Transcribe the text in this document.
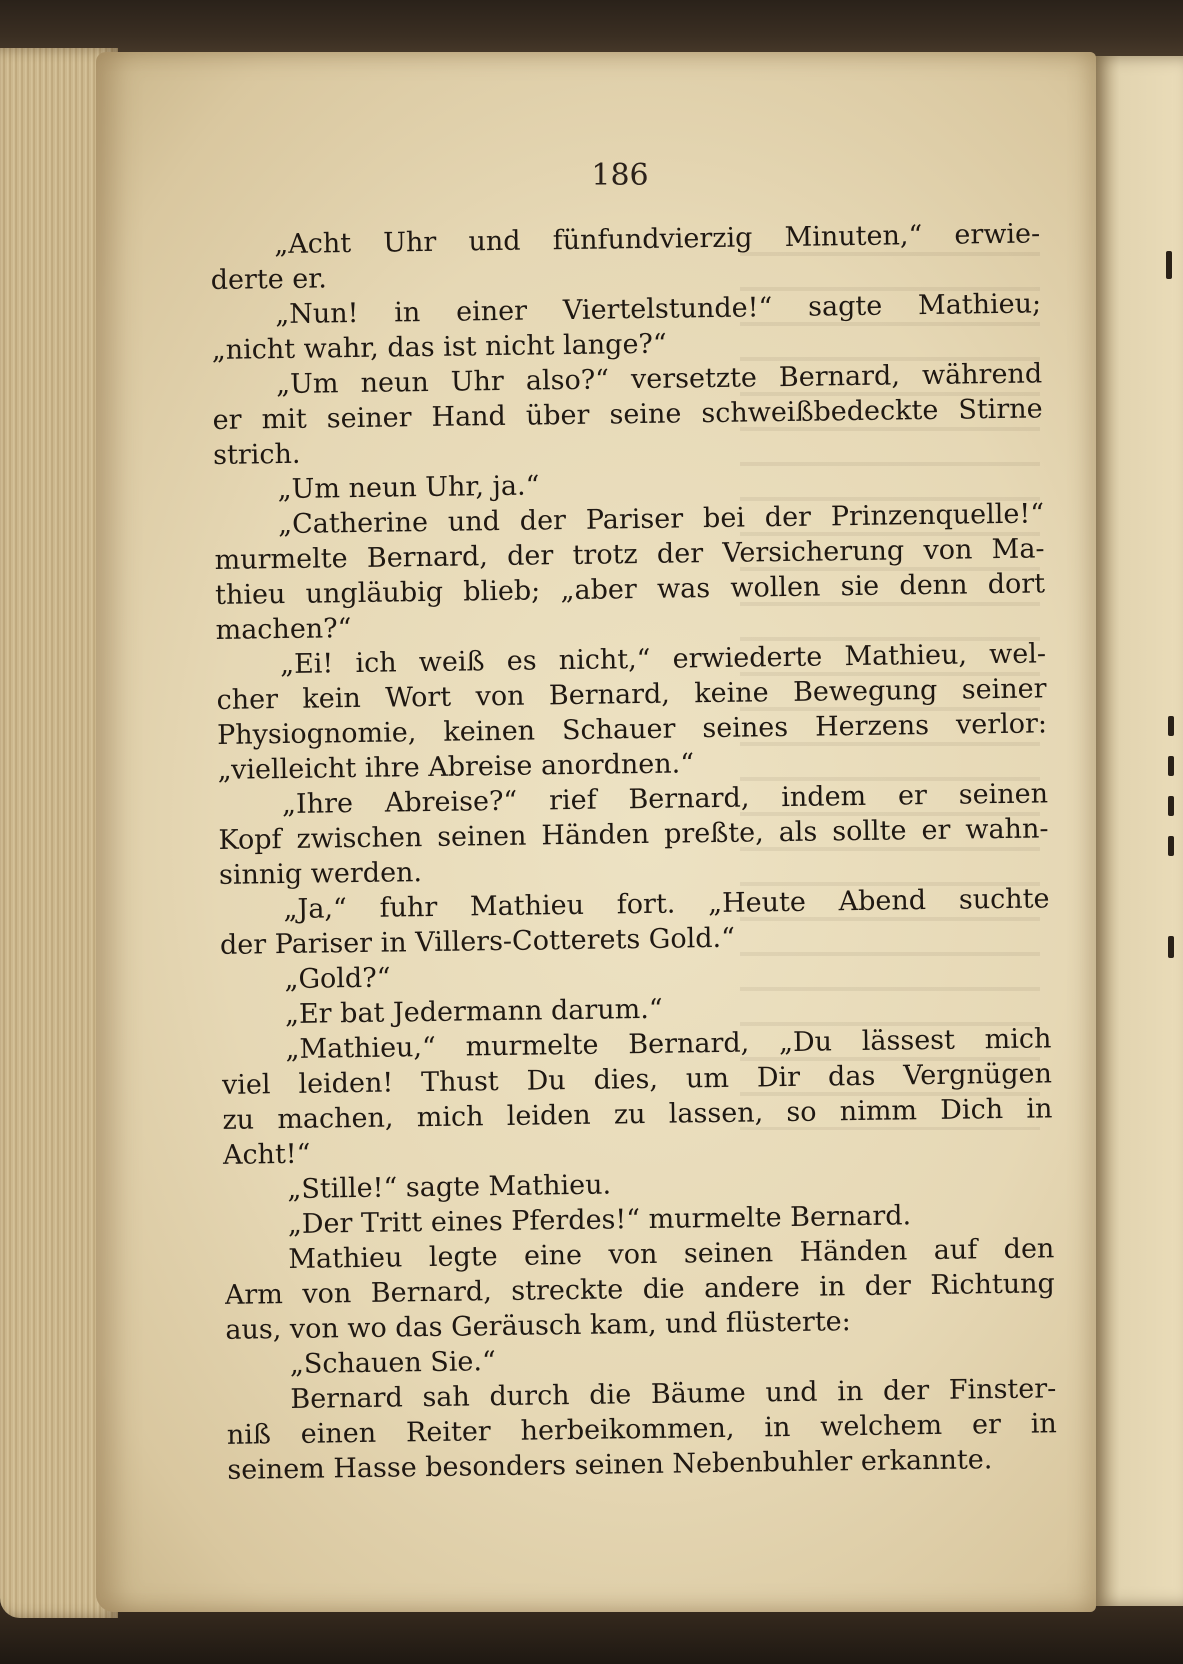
186
„Acht Uhr und fünfundvierzig Minuten,“ erwie-
derte er.
„Nun! in einer Viertelstunde!“ sagte Mathieu;
„nicht wahr, das ist nicht lange?“
„Um neun Uhr also?“ versetzte Bernard, während
er mit seiner Hand über seine schweißbedeckte Stirne
strich.
„Um neun Uhr, ja.“
„Catherine und der Pariser bei der Prinzenquelle!“
murmelte Bernard, der trotz der Versicherung von Ma-
thieu ungläubig blieb; „aber was wollen sie denn dort
machen?“
„Ei! ich weiß es nicht,“ erwiederte Mathieu, wel-
cher kein Wort von Bernard, keine Bewegung seiner
Physiognomie, keinen Schauer seines Herzens verlor:
„vielleicht ihre Abreise anordnen.“
„Ihre Abreise?“ rief Bernard, indem er seinen
Kopf zwischen seinen Händen preßte, als sollte er wahn-
sinnig werden.
„Ja,“ fuhr Mathieu fort. „Heute Abend suchte
der Pariser in Villers-Cotterets Gold.“
„Gold?“
„Er bat Jedermann darum.“
„Mathieu,“ murmelte Bernard, „Du lässest mich
viel leiden! Thust Du dies, um Dir das Vergnügen
zu machen, mich leiden zu lassen, so nimm Dich in
Acht!“
„Stille!“ sagte Mathieu.
„Der Tritt eines Pferdes!“ murmelte Bernard.
Mathieu legte eine von seinen Händen auf den
Arm von Bernard, streckte die andere in der Richtung
aus, von wo das Geräusch kam, und flüsterte:
„Schauen Sie.“
Bernard sah durch die Bäume und in der Finster-
niß einen Reiter herbeikommen, in welchem er in
seinem Hasse besonders seinen Nebenbuhler erkannte.
